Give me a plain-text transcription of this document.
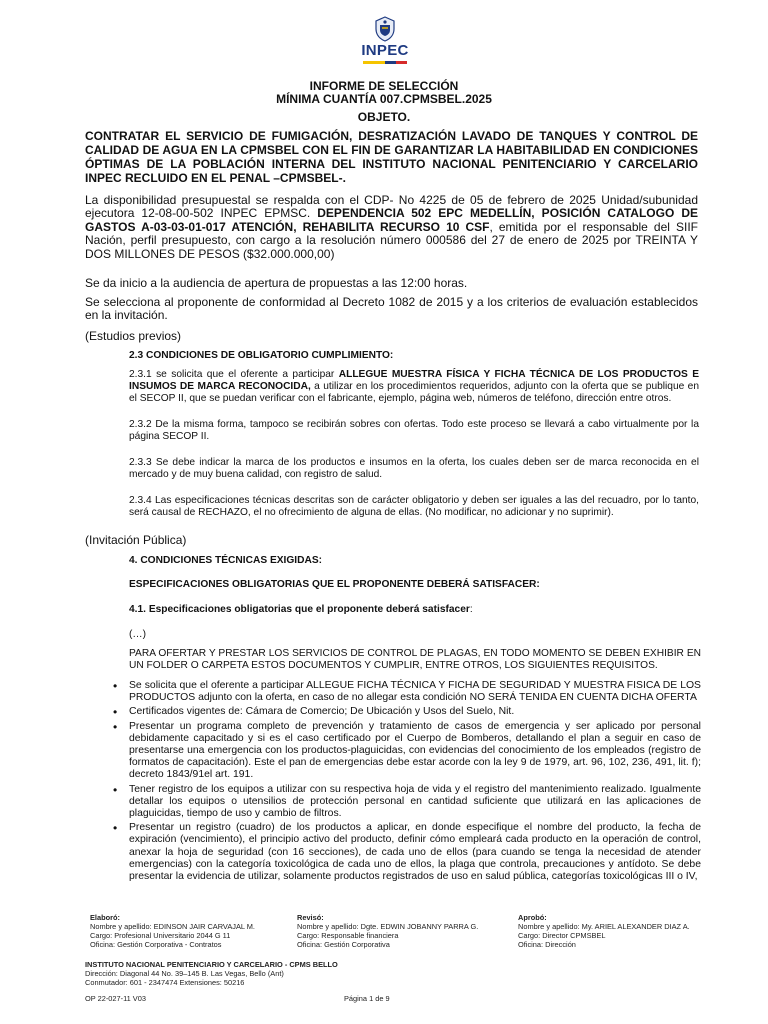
INPEC
INFORME DE SELECCIÓN
MÍNIMA CUANTÍA 007.CPMSBEL.2025
OBJETO.
CONTRATAR EL SERVICIO DE FUMIGACIÓN, DESRATIZACIÓN LAVADO DE TANQUES Y CONTROL DE CALIDAD DE AGUA EN LA CPMSBEL CON EL FIN DE GARANTIZAR LA HABITABILIDAD EN CONDICIONES ÓPTIMAS DE LA POBLACIÓN INTERNA DEL INSTITUTO NACIONAL PENITENCIARIO Y CARCELARIO INPEC RECLUIDO EN EL PENAL –CPMSBEL-.
La disponibilidad presupuestal se respalda con el CDP- No 4225 de 05 de febrero de 2025 Unidad/subunidad ejecutora 12-08-00-502 INPEC EPMSC. DEPENDENCIA 502 EPC MEDELLÍN, POSICIÓN CATALOGO DE GASTOS A-03-03-01-017 ATENCIÓN, REHABILITA RECURSO 10 CSF, emitida por el responsable del SIIF Nación, perfil presupuesto, con cargo a la resolución número 000586 del 27 de enero de 2025 por TREINTA Y DOS MILLONES DE PESOS ($32.000.000,00)
Se da inicio a la audiencia de apertura de propuestas a las 12:00 horas.
Se selecciona al proponente de conformidad al Decreto 1082 de 2015 y a los criterios de evaluación establecidos en la invitación.
(Estudios previos)
2.3 CONDICIONES DE OBLIGATORIO CUMPLIMIENTO:
2.3.1 se solicita que el oferente a participar ALLEGUE MUESTRA FÍSICA Y FICHA TÉCNICA DE LOS PRODUCTOS E INSUMOS DE MARCA RECONOCIDA, a utilizar en los procedimientos requeridos, adjunto con la oferta que se publique en el SECOP II, que se puedan verificar con el fabricante, ejemplo, página web, números de teléfono, dirección entre otros.
2.3.2 De la misma forma, tampoco se recibirán sobres con ofertas. Todo este proceso se llevará a cabo virtualmente por la página SECOP II.
2.3.3 Se debe indicar la marca de los productos e insumos en la oferta, los cuales deben ser de marca reconocida en el mercado y de muy buena calidad, con registro de salud.
2.3.4 Las especificaciones técnicas descritas son de carácter obligatorio y deben ser iguales a las del recuadro, por lo tanto, será causal de RECHAZO, el no ofrecimiento de alguna de ellas. (No modificar, no adicionar y no suprimir).
(Invitación Pública)
4. CONDICIONES TÉCNICAS EXIGIDAS:
ESPECIFICACIONES OBLIGATORIAS QUE EL PROPONENTE DEBERÁ SATISFACER:
4.1. Especificaciones obligatorias que el proponente deberá satisfacer:
(…)
PARA OFERTAR Y PRESTAR LOS SERVICIOS DE CONTROL DE PLAGAS, EN TODO MOMENTO SE DEBEN EXHIBIR EN UN FOLDER O CARPETA ESTOS DOCUMENTOS Y CUMPLIR, ENTRE OTROS, LOS SIGUIENTES REQUISITOS.
• Se solicita que el oferente a participar ALLEGUE FICHA TÉCNICA Y FICHA DE SEGURIDAD Y MUESTRA FISICA DE LOS PRODUCTOS adjunto con la oferta, en caso de no allegar esta condición NO SERÁ TENIDA EN CUENTA DICHA OFERTA
• Certificados vigentes de: Cámara de Comercio; De Ubicación y Usos del Suelo, Nit.
• Presentar un programa completo de prevención y tratamiento de casos de emergencia y ser aplicado por personal debidamente capacitado y si es el caso certificado por el Cuerpo de Bomberos, detallando el plan a seguir en caso de presentarse una emergencia con los productos-plaguicidas, con evidencias del conocimiento de los empleados (registro de formatos de capacitación). Este el pan de emergencias debe estar acorde con la ley 9 de 1979, art. 96, 102, 236, 491, lit. f); decreto 1843/91el art. 191.
• Tener registro de los equipos a utilizar con su respectiva hoja de vida y el registro del mantenimiento realizado. Igualmente detallar los equipos o utensilios de protección personal en cantidad suficiente que utilizará en las aplicaciones de plaguicidas, tiempo de uso y cambio de filtros.
• Presentar un registro (cuadro) de los productos a aplicar, en donde especifique el nombre del producto, la fecha de expiración (vencimiento), el principio activo del producto, definir cómo empleará cada producto en la operación de control, anexar la hoja de seguridad (con 16 secciones), de cada uno de ellos (para cuando se tenga la necesidad de atender emergencias) con la categoría toxicológica de cada uno de ellos, la plaga que controla, precauciones y antídoto. Se debe presentar la evidencia de utilizar, solamente productos registrados de uso en salud pública, categorías toxicológicas III o IV,
Elaboró:
Nombre y apellido: EDINSON JAIR CARVAJAL M.
Cargo: Profesional Universitario 2044 G 11
Oficina: Gestión Corporativa - Contratos
Revisó:
Nombre y apellido: Dgte. EDWIN JOBANNY PARRA G.
Cargo: Responsable financiera
Oficina: Gestión Corporativa
Aprobó:
Nombre y apellido: My. ARIEL ALEXANDER DIAZ A.
Cargo: Director CPMSBEL
Oficina: Dirección
INSTITUTO NACIONAL PENITENCIARIO Y CARCELARIO - CPMS BELLO
Dirección: Diagonal 44 No. 39–145 B. Las Vegas, Bello (Ant)
Conmutador: 601 - 2347474 Extensiones: 50216
OP 22-027-11 V03	Página 1 de 9
